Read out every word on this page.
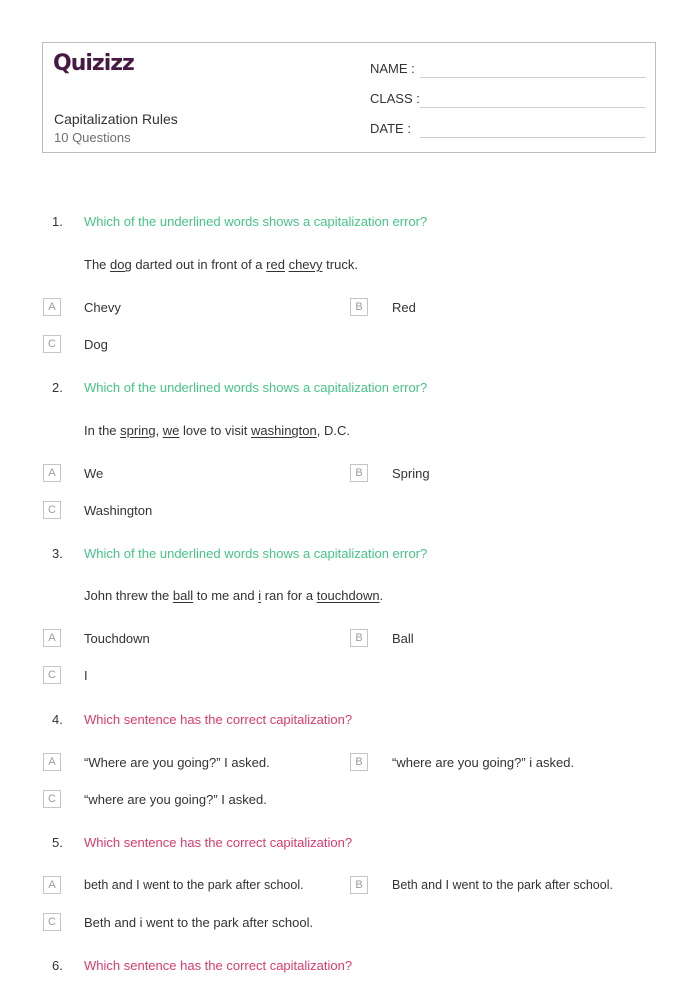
Quizizz
Capitalization Rules
10 Questions
NAME :
CLASS :
DATE :
1. Which of the underlined words shows a capitalization error?
The dog darted out in front of a red chevy truck.
A	Chevy	B	Red
C	Dog
2. Which of the underlined words shows a capitalization error?
In the spring, we love to visit washington, D.C.
A	We	B	Spring
C	Washington
3. Which of the underlined words shows a capitalization error?
John threw the ball to me and i ran for a touchdown.
A	Touchdown	B	Ball
C	I
4. Which sentence has the correct capitalization?
A	“Where are you going?” I asked.	B	“where are you going?” i asked.
C	“where are you going?” I asked.
5. Which sentence has the correct capitalization?
A	beth and I went to the park after school.	B	Beth and I went to the park after school.
C	Beth and i went to the park after school.
6. Which sentence has the correct capitalization?
